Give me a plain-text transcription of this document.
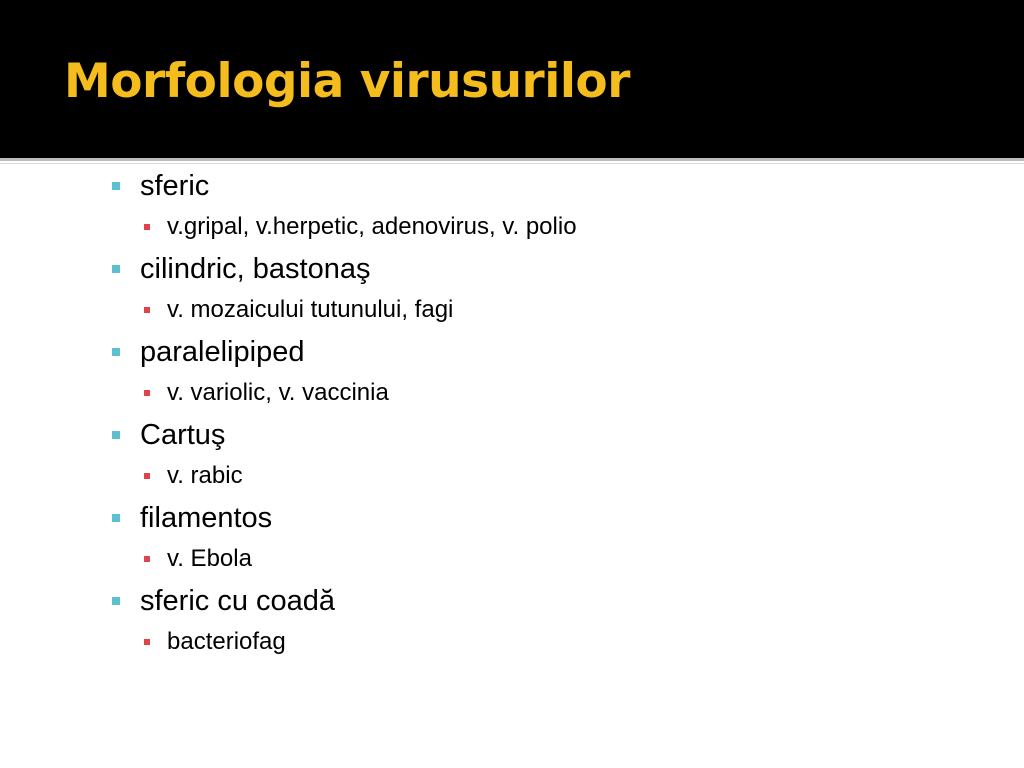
Morfologia virusurilor
sferic
v.gripal, v.herpetic, adenovirus, v. polio
cilindric, bastonaş
v. mozaicului tutunului, fagi
paralelipiped
v. variolic, v. vaccinia
Cartuş
v. rabic
filamentos
v. Ebola
sferic cu coadă
bacteriofag
